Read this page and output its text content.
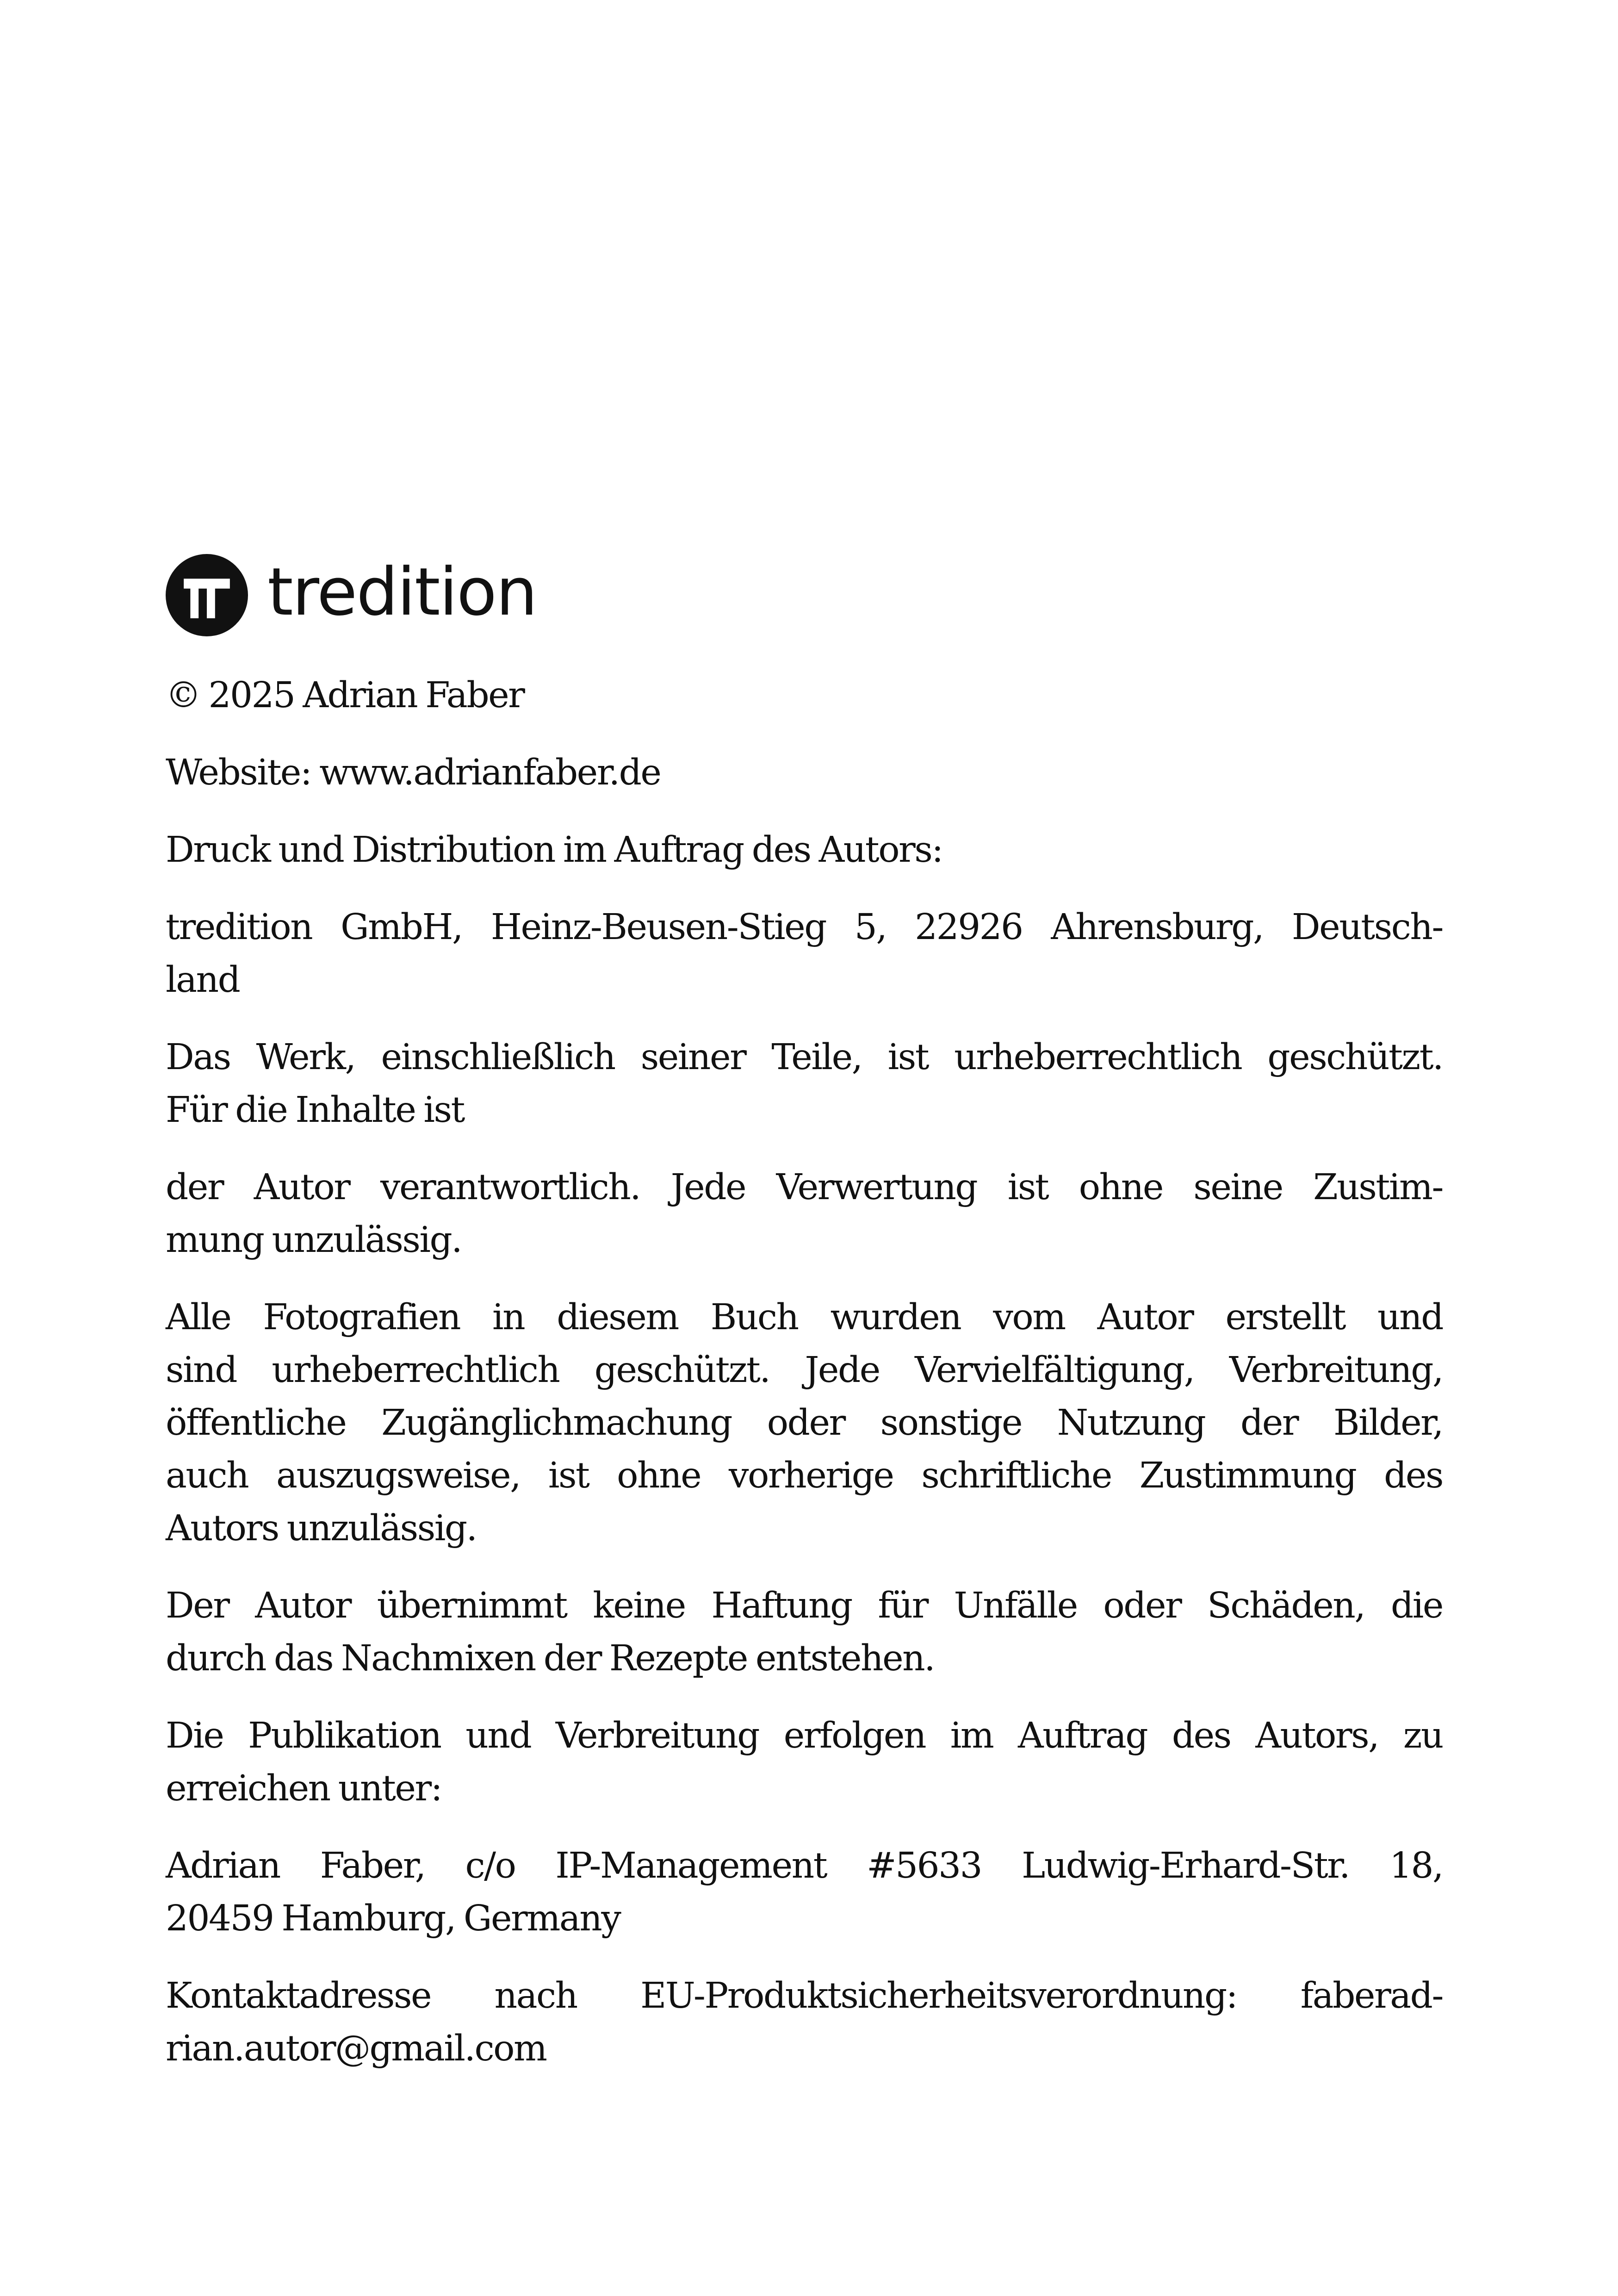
tredition

© 2025 Adrian Faber

Website: www.adrianfaber.de

Druck und Distribution im Auftrag des Autors:

tredition GmbH, Heinz-Beusen-Stieg 5, 22926 Ahrensburg, Deutsch-
land

Das Werk, einschließlich seiner Teile, ist urheberrechtlich geschützt.
Für die Inhalte ist

der Autor verantwortlich. Jede Verwertung ist ohne seine Zustim-
mung unzulässig.

Alle Fotografien in diesem Buch wurden vom Autor erstellt und
sind urheberrechtlich geschützt. Jede Vervielfältigung, Verbreitung,
öffentliche Zugänglichmachung oder sonstige Nutzung der Bilder,
auch auszugsweise, ist ohne vorherige schriftliche Zustimmung des
Autors unzulässig.

Der Autor übernimmt keine Haftung für Unfälle oder Schäden, die
durch das Nachmixen der Rezepte entstehen.

Die Publikation und Verbreitung erfolgen im Auftrag des Autors, zu
erreichen unter:

Adrian Faber, c/o IP-Management #5633 Ludwig-Erhard-Str. 18,
20459 Hamburg, Germany

Kontaktadresse nach EU-Produktsicherheitsverordnung: faberad-
rian.autor@gmail.com
